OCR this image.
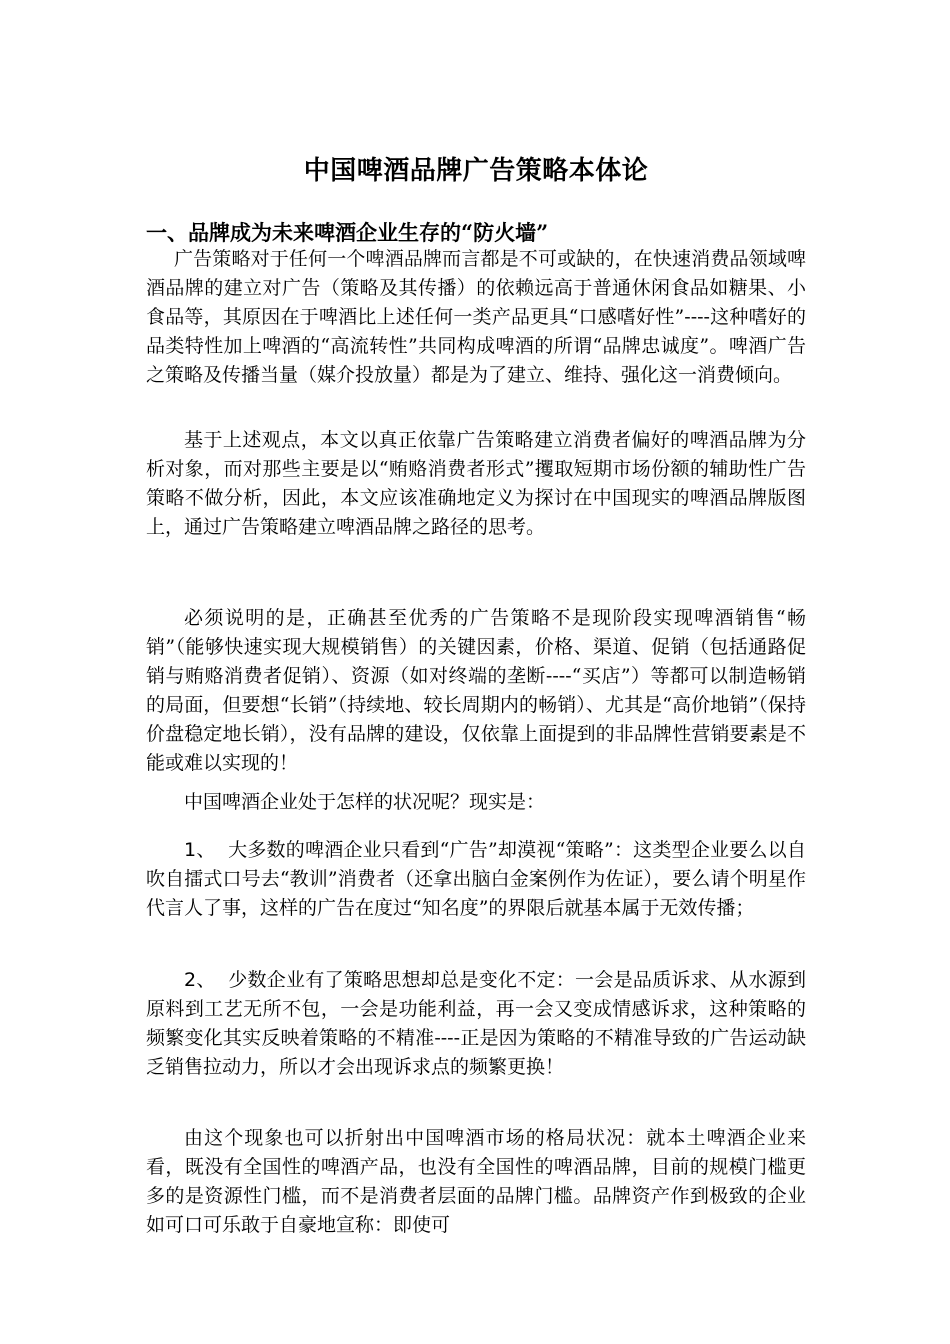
中国啤酒品牌广告策略本体论
一、品牌成为未来啤酒企业生存的“防火墙”

广告策略对于任何一个啤酒品牌而言都是不可或缺的，在快速消费品领域啤酒品牌的建立对广告（策略及其传播）的依赖远高于普通休闲食品如糖果、小食品等，其原因在于啤酒比上述任何一类产品更具“口感嗜好性”----这种嗜好的品类特性加上啤酒的“高流转性”共同构成啤酒的所谓“品牌忠诚度”。啤酒广告之策略及传播当量（媒介投放量）都是为了建立、维持、强化这一消费倾向。

基于上述观点，本文以真正依靠广告策略建立消费者偏好的啤酒品牌为分析对象，而对那些主要是以“贿赂消费者形式”攫取短期市场份额的辅助性广告策略不做分析，因此，本文应该准确地定义为探讨在中国现实的啤酒品牌版图上，通过广告策略建立啤酒品牌之路径的思考。

必须说明的是，正确甚至优秀的广告策略不是现阶段实现啤酒销售“畅销”（能够快速实现大规模销售）的关键因素，价格、渠道、促销（包括通路促销与贿赂消费者促销）、资源（如对终端的垄断----“买店”）等都可以制造畅销的局面，但要想“长销”（持续地、较长周期内的畅销）、尤其是“高价地销”（保持价盘稳定地长销），没有品牌的建设，仅依靠上面提到的非品牌性营销要素是不能或难以实现的！

中国啤酒企业处于怎样的状况呢？现实是：

1、 大多数的啤酒企业只看到“广告”却漠视“策略”：这类型企业要么以自吹自擂式口号去“教训”消费者（还拿出脑白金案例作为佐证），要么请个明星作代言人了事，这样的广告在度过“知名度”的界限后就基本属于无效传播；

2、 少数企业有了策略思想却总是变化不定：一会是品质诉求、从水源到原料到工艺无所不包，一会是功能利益，再一会又变成情感诉求，这种策略的频繁变化其实反映着策略的不精准----正是因为策略的不精准导致的广告运动缺乏销售拉动力，所以才会出现诉求点的频繁更换！

由这个现象也可以折射出中国啤酒市场的格局状况：就本土啤酒企业来看，既没有全国性的啤酒产品，也没有全国性的啤酒品牌，目前的规模门槛更多的是资源性门槛，而不是消费者层面的品牌门槛。品牌资产作到极致的企业如可口可乐敢于自豪地宣称：即使可
